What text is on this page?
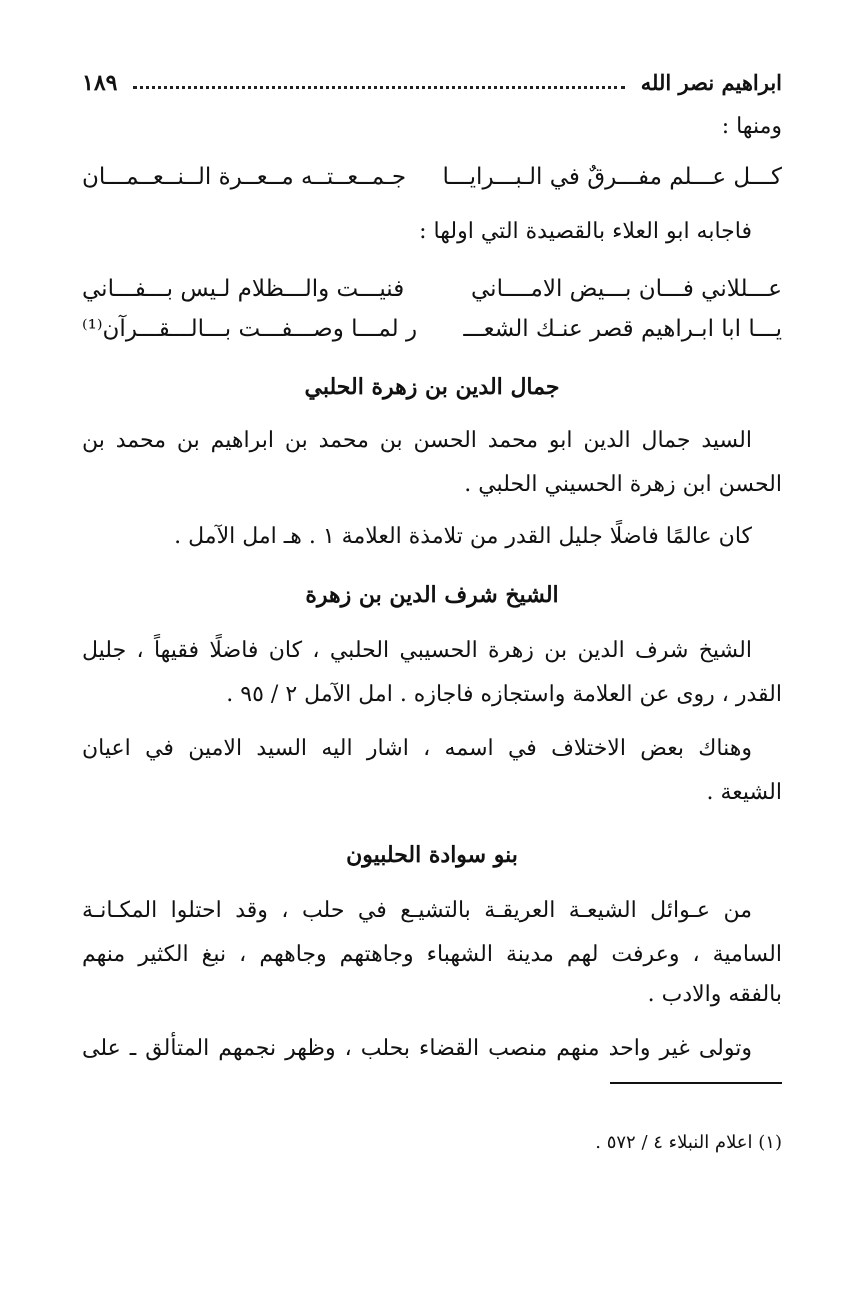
ابراهيم نصر الله
١٨٩
ومنها :
كـــل عـــلم مفـــرقٌ في الـبـــرايـــا
جـمــعــتــه مــعــرة الــنــعــمـــان
فاجابه ابو العلاء بالقصيدة التي اولها :
عـــللاني فـــان بـــيض الامــــاني
فنيـــت والـــظلام لـيس بـــفـــاني
يـــا ابا ابـراهيم قصر عنـك الشعـــ
ر لمـــا وصـــفـــت بـــالـــقـــرآن⁽¹⁾
جمال الدين بن زهرة الحلبي
السيد جمال الدين ابو محمد الحسن بن محمد بن ابراهيم بن محمد بن
الحسن ابن زهرة الحسيني الحلبي .
كان عالمًا فاضلًا جليل القدر من تلامذة العلامة ١ . هـ امل الآمل .
الشيخ شرف الدين بن زهرة
الشيخ شرف الدين بن زهرة الحسيبي الحلبي ، كان فاضلًا فقيهاً ، جليل
القدر ، روى عن العلامة واستجازه فاجازه . امل الآمل ٢ / ٩٥ .
وهناك بعض الاختلاف في اسمه ، اشار اليه السيد الامين في اعيان
الشيعة .
بنو سوادة الحلبيون
من عـوائل الشيعـة العريقـة بالتشيـع في حلب ، وقد احتلوا المكـانـة
السامية ، وعرفت لهم مدينة الشهباء وجاهتهم وجاههم ، نبغ الكثير منهم
بالفقه والادب .
وتولى غير واحد منهم منصب القضاء بحلب ، وظهر نجمهم المتألق ـ على
(١) اعلام النبلاء ٤ / ٥٧٢ .
